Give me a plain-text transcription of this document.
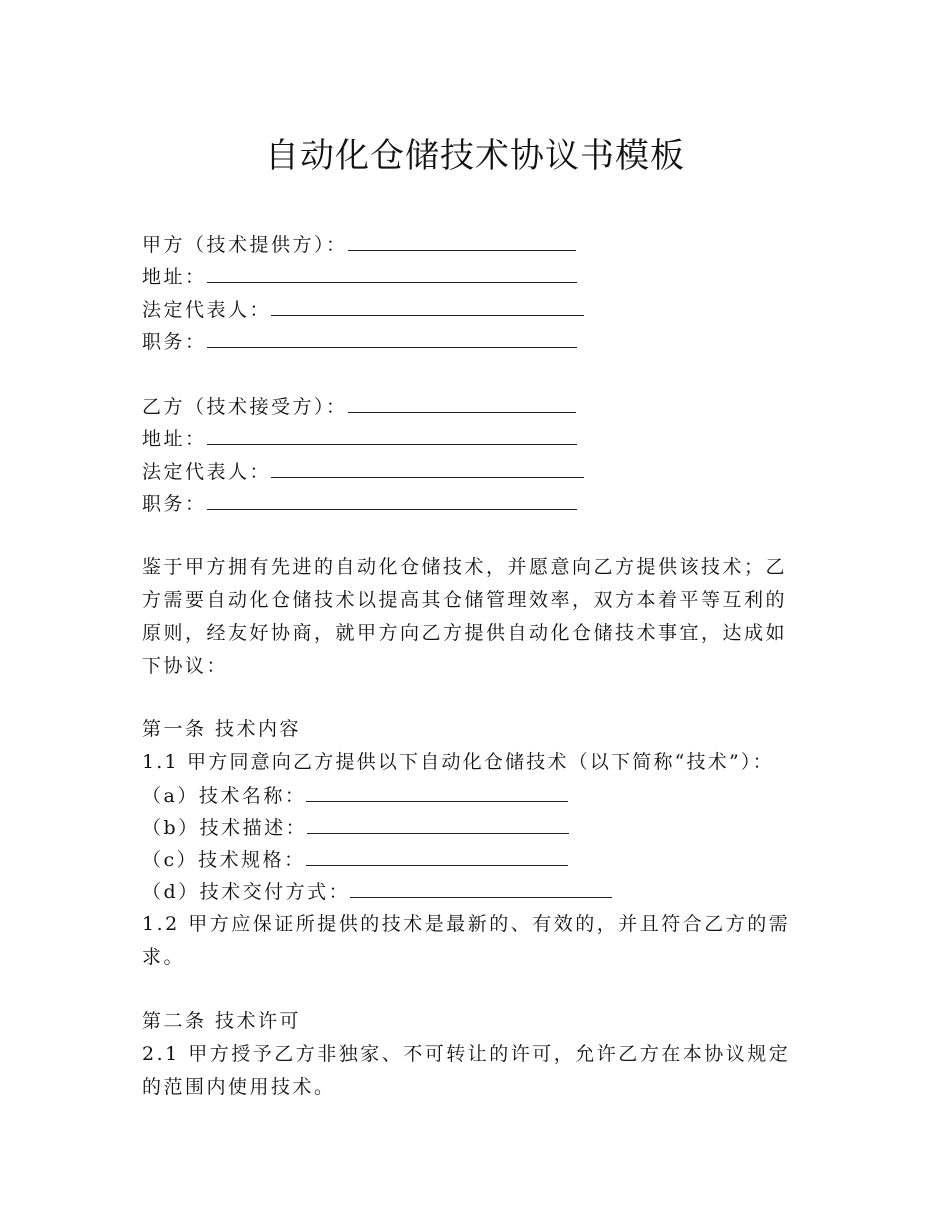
自动化仓储技术协议书模板
甲方（技术提供方）：
地址：
法定代表人：
职务：
乙方（技术接受方）：
地址：
法定代表人：
职务：
鉴于甲方拥有先进的自动化仓储技术，并愿意向乙方提供该技术；乙
方需要自动化仓储技术以提高其仓储管理效率，双方本着平等互利的
原则，经友好协商，就甲方向乙方提供自动化仓储技术事宜，达成如
下协议：
第一条 技术内容
1.1 甲方同意向乙方提供以下自动化仓储技术（以下简称“技术”）：
（a）技术名称：
（b）技术描述：
（c）技术规格：
（d）技术交付方式：
1.2 甲方应保证所提供的技术是最新的、有效的，并且符合乙方的需
求。
第二条 技术许可
2.1 甲方授予乙方非独家、不可转让的许可，允许乙方在本协议规定
的范围内使用技术。
